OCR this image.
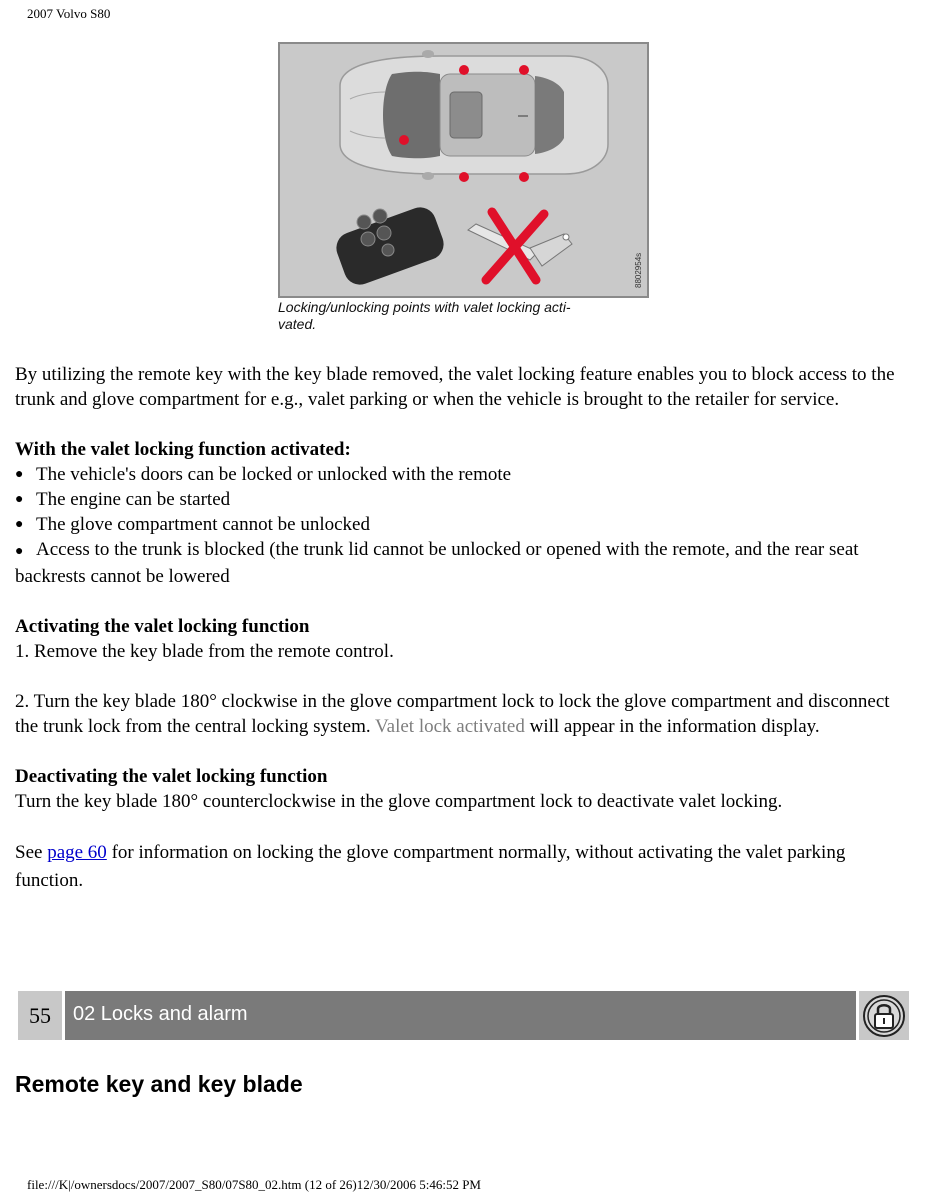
2007 Volvo S80
8802954s
Locking/unlocking points with valet locking acti-
vated.

By utilizing the remote key with the key blade removed, the valet locking feature enables you to block access to the trunk and glove compartment for e.g., valet parking or when the vehicle is brought to the retailer for service.

With the valet locking function activated:

● The vehicle's doors can be locked or unlocked with the remote
● The engine can be started
● The glove compartment cannot be unlocked

● Access to the trunk is blocked (the trunk lid cannot be unlocked or opened with the remote, and the rear seat backrests cannot be lowered

Activating the valet locking function

1. Remove the key blade from the remote control.

2. Turn the key blade 180° clockwise in the glove compartment lock to lock the glove compartment and disconnect the trunk lock from the central locking system. Valet lock activated will appear in the information display.

Deactivating the valet locking function

Turn the key blade 180° counterclockwise in the glove compartment lock to deactivate valet locking.

See page 60 for information on locking the glove compartment normally, without activating the valet parking function.

55	02 Locks and alarm
Remote key and key blade
file:///K|/ownersdocs/2007/2007_S80/07S80_02.htm (12 of 26)12/30/2006 5:46:52 PM
